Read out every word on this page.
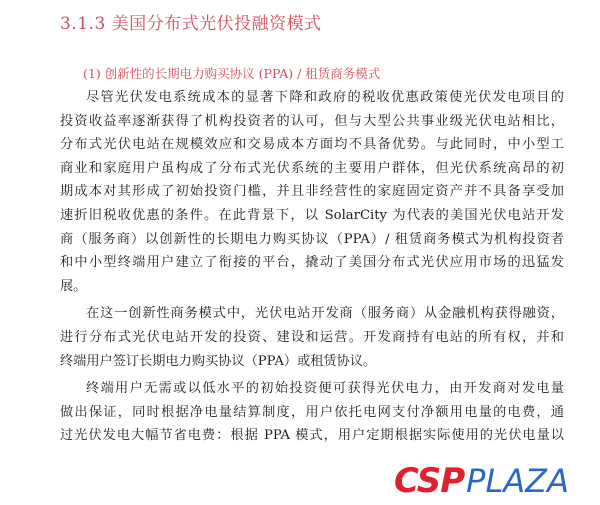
3.1.3 美国分布式光伏投融资模式
(1) 创新性的长期电力购买协议 (PPA) / 租赁商务模式
尽管光伏发电系统成本的显著下降和政府的税收优惠政策使光伏发电项目的
投资收益率逐渐获得了机构投资者的认可，但与大型公共事业级光伏电站相比，
分布式光伏电站在规模效应和交易成本方面均不具备优势。与此同时，中小型工
商业和家庭用户虽构成了分布式光伏系统的主要用户群体，但光伏系统高昂的初
期成本对其形成了初始投资门槛，并且非经营性的家庭固定资产并不具备享受加
速折旧税收优惠的条件。在此背景下，以 SolarCity 为代表的美国光伏电站开发
商（服务商）以创新性的长期电力购买协议（PPA）/ 租赁商务模式为机构投资者
和中小型终端用户建立了衔接的平台，撬动了美国分布式光伏应用市场的迅猛发
展。
在这一创新性商务模式中，光伏电站开发商（服务商）从金融机构获得融资，
进行分布式光伏电站开发的投资、建设和运营。开发商持有电站的所有权，并和
终端用户签订长期电力购买协议（PPA）或租赁协议。
终端用户无需或以低水平的初始投资便可获得光伏电力，由开发商对发电量
做出保证，同时根据净电量结算制度，用户依托电网支付净额用电量的电费，通
过光伏发电大幅节省电费：根据 PPA 模式，用户定期根据实际使用的光伏电量以
CSP PLAZA
